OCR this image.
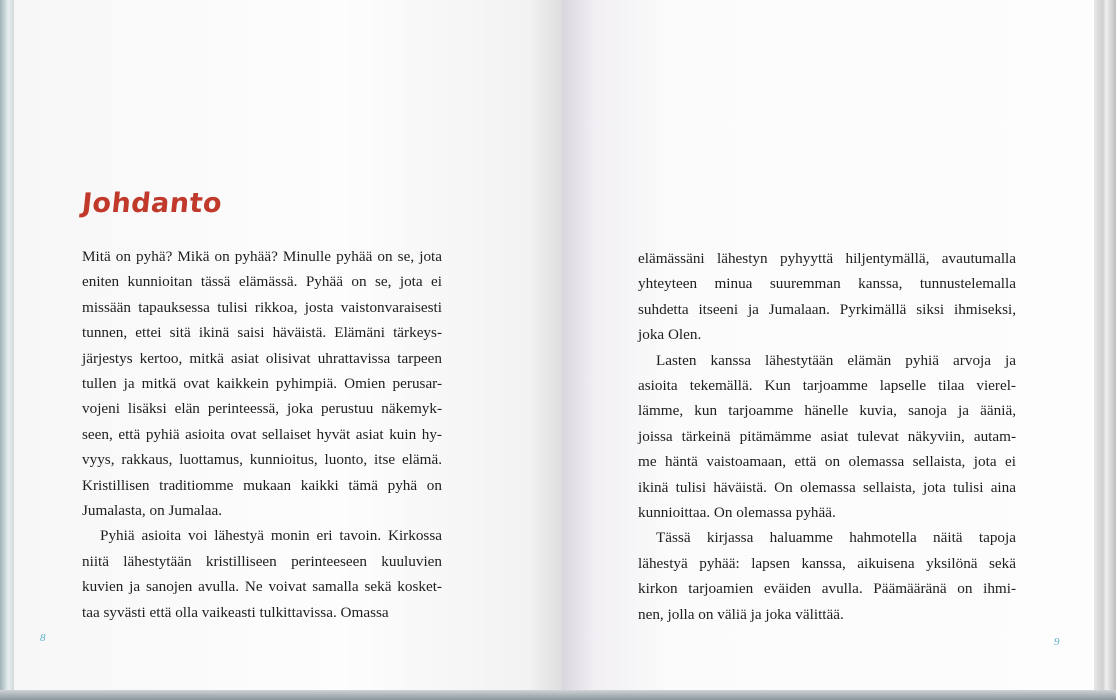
Johdanto

Mitä on pyhä? Mikä on pyhää? Minulle pyhää on se, jota
eniten kunnioitan tässä elämässä. Pyhää on se, jota ei
missään tapauksessa tulisi rikkoa, josta vaistonvaraisesti
tunnen, ettei sitä ikinä saisi häväistä. Elämäni tärkeys-
järjestys kertoo, mitkä asiat olisivat uhrattavissa tarpeen
tullen ja mitkä ovat kaikkein pyhimpiä. Omien perusar-
vojeni lisäksi elän perinteessä, joka perustuu näkemyk-
seen, että pyhiä asioita ovat sellaiset hyvät asiat kuin hy-
vyys, rakkaus, luottamus, kunnioitus, luonto, itse elämä.
Kristillisen traditiomme mukaan kaikki tämä pyhä on
Jumalasta, on Jumalaa.

Pyhiä asioita voi lähestyä monin eri tavoin. Kirkossa
niitä lähestytään kristilliseen perinteeseen kuuluvien
kuvien ja sanojen avulla. Ne voivat samalla sekä kosket-
taa syvästi että olla vaikeasti tulkittavissa. Omassa

8

elämässäni lähestyn pyhyyttä hiljentymällä, avautumalla
yhteyteen minua suuremman kanssa, tunnustelemalla
suhdetta itseeni ja Jumalaan. Pyrkimällä siksi ihmiseksi,
joka Olen.

Lasten kanssa lähestytään elämän pyhiä arvoja ja
asioita tekemällä. Kun tarjoamme lapselle tilaa vierel-
lämme, kun tarjoamme hänelle kuvia, sanoja ja ääniä,
joissa tärkeinä pitämämme asiat tulevat näkyviin, autam-
me häntä vaistoamaan, että on olemassa sellaista, jota ei
ikinä tulisi häväistä. On olemassa sellaista, jota tulisi aina
kunnioittaa. On olemassa pyhää.

Tässä kirjassa haluamme hahmotella näitä tapoja
lähestyä pyhää: lapsen kanssa, aikuisena yksilönä sekä
kirkon tarjoamien eväiden avulla. Päämääränä on ihmi-
nen, jolla on väliä ja joka välittää.

9
